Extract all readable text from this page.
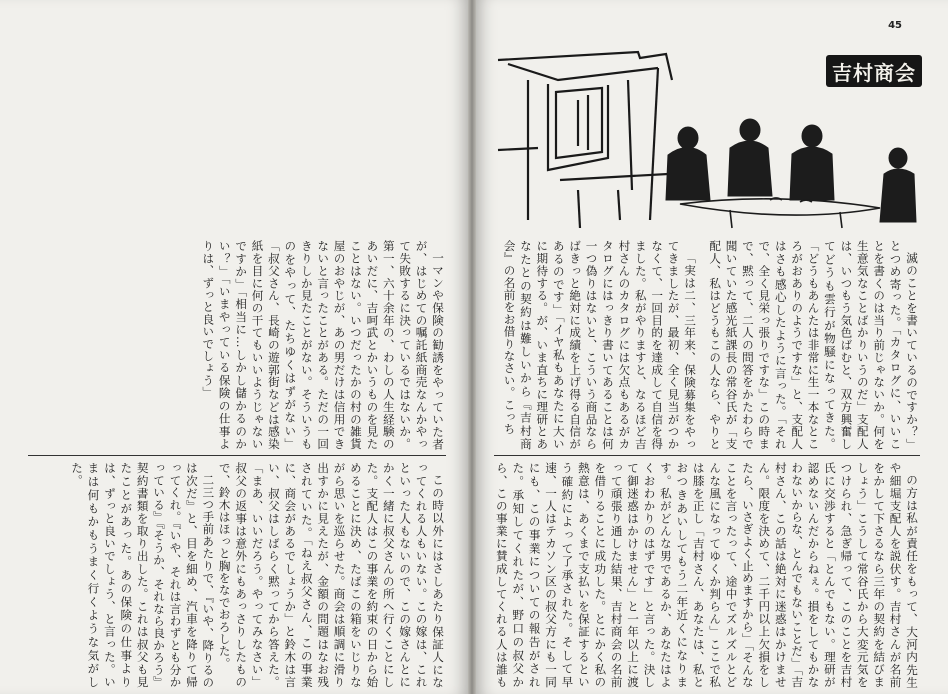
一マンや保険の勧誘をやっていた者が、はじめての嘱託紙商売なんかやって失敗するに決っているではないか。第一、六十余年の、わしの人生経験のあいだに、吉呵武とかいうものを見たことはない。いつだったかの村の雑貨屋のおやじが、あの男だけは信用できないと言ったことがある。ただの一回きりしか見たことがない。そういうものをやって、たちゆくはずがない」「叔父さん、長崎の遊郭街などは感染紙を目に何の干てもいいようじゃないですか」「相当に…しかし儲かるのかい？」「いまやっている保険の仕事よりは、ずっと良いでしょう」

この時以外にはさしあたり保証人になってくれる人もいない。この嫁は、これといった人もないので、この嫁さんとにかく一緒に叔父さんの所へ行くことにした。支配人はこの事業を約束の日から始めることに決め、たばこの箱をいじりながら思いを巡らせた。商会は順調に滑り出すかに見えたが、金額の問題はなお残されていた。「ねえ叔父さん、この事業に、商会があるでしょうか」と鈴木は言い、叔父はしばらく黙ってから答えた。「まあ、いいだろう。やってみなさい」叔父の返事は意外にもあっさりしたもので、鈴木はほっと胸をなでおろした。

二三つ手前あたりで、『いや、降りるのは次だ』と、目を細め、汽車を降りて帰ってくれ。『いや、それは言わずとも分かっている』『そうか、それなら良かろう』契約書類を取り出した。これは叔父も見たことがあった。あの保険の仕事よりは、ずっと良いでしょう、と言った。いまは何もかもうまく行くような気がした。

45
吉村商会

滅のことを書いているのですか？」とつめ寄った。「カタログに、いいことを書くのは当り前じゃないか。何を生意気なことばかりいうのだ」支配人は、いつもう気色ばむと、双方興奮してどうも雲行が物騒になってきた。「どうもあんたは非常に生一本なところがおありのようですな」と、支配人はさも感心したように言った。「それで、全く見栄っ張りですな」この時まで、黙って、二人の問答をかたわらで聞いていた感光紙課長の常谷氏が「支配人、私はどうもこの人なら、やりと

「実は二、三年来、保険募集をやってきましたが、最初、全く見当がつかなくて、一回目的を達成して自信を得ました。私がやりますと、なるほど吉村さんのカタログには欠点もあるがカタログにはっきり書いてあることは何一つ偽りはないと、こういう商品ならばきっと絶対に成績を上げ得る自信があるのです」「イヤ私もあなたに大いに期待する。が、いま直ちに理研とあなたとの契約は難しいから『吉村商会』の名前をお借りなさい。こっち

の方は私が責任をもって、大河内先生や細堀支配人を説伏す。吉村さんが名前をかして下さるなら三年の契約を結びましょう」こうして常谷氏から大変元気をつけられ、急ぎ帰って、このことを吉村氏に交渉すると「とんでもない。理研が認めないんだからねぇ。損をしてもかなわないからな、とんでもないことだ」「吉村さん、この話は絶対に迷惑はかけません。限度を決めて、二千円以上欠損をしたら、いさぎよく止めますから」「そんなことを言ったって、途中でズルズルとどんな風になってゆくか判らん」ここで私は膝を正し「吉村さん、あなたは、私とおつきあいしてもう二年近くになります。私がどんな男であるか、あなたはよくおわかりのはずです」と言った。決して御迷惑はかけません」と一年以上に渡って頑張り通した結果、吉村商会の名前を借りることに成功した。とにかく私の熱意は、あくまで支払いを保証するという確約によって了承された。そして早速、一人はテカソン区の叔父方にも一同にも、この事業についての報告がされた。承知してくれたが、野口の叔父から、この事業に賛成してくれる人は誰も
